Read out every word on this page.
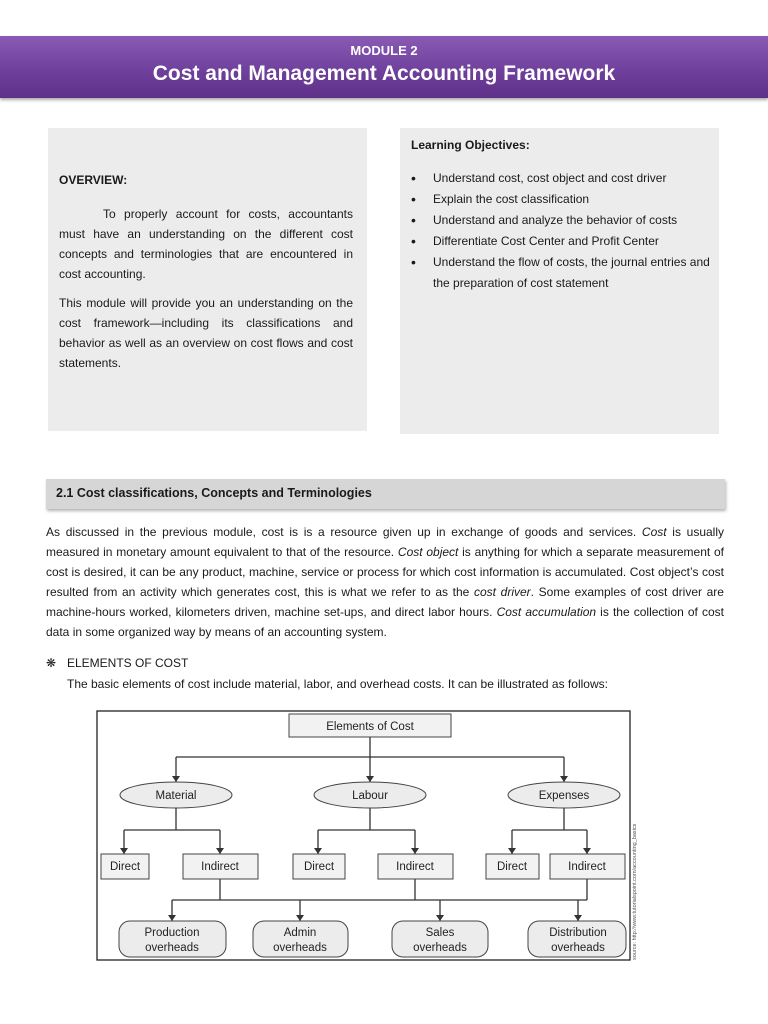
MODULE 2
Cost and Management Accounting Framework
OVERVIEW:

To properly account for costs, accountants must have an understanding on the different cost concepts and terminologies that are encountered in cost accounting.

This module will provide you an understanding on the cost framework—including its classifications and behavior as well as an overview on cost flows and cost statements.

Learning Objectives:
• Understand cost, cost object and cost driver
• Explain the cost classification
• Understand and analyze the behavior of costs
• Differentiate Cost Center and Profit Center
• Understand the flow of costs, the journal entries and the preparation of cost statement
2.1 Cost classifications, Concepts and Terminologies
As discussed in the previous module, cost is is a resource given up in exchange of goods and services. Cost is usually measured in monetary amount equivalent to that of the resource. Cost object is anything for which a separate measurement of cost is desired, it can be any product, machine, service or process for which cost information is accumulated. Cost object’s cost resulted from an activity which generates cost, this is what we refer to as the cost driver. Some examples of cost driver are machine-hours worked, kilometers driven, machine set-ups, and direct labor hours. Cost accumulation is the collection of cost data in some organized way by means of an accounting system.
❋ ELEMENTS OF COST
The basic elements of cost include material, labor, and overhead costs. It can be illustrated as follows:
Elements of Cost
Material	Labour	Expenses
Direct	Indirect	Direct	Indirect	Direct	Indirect
Production
overheads
Admin
overheads
Sales
overheads
Distribution
overheads	source: http://www.tutorialspoint.com/accounting_basics
